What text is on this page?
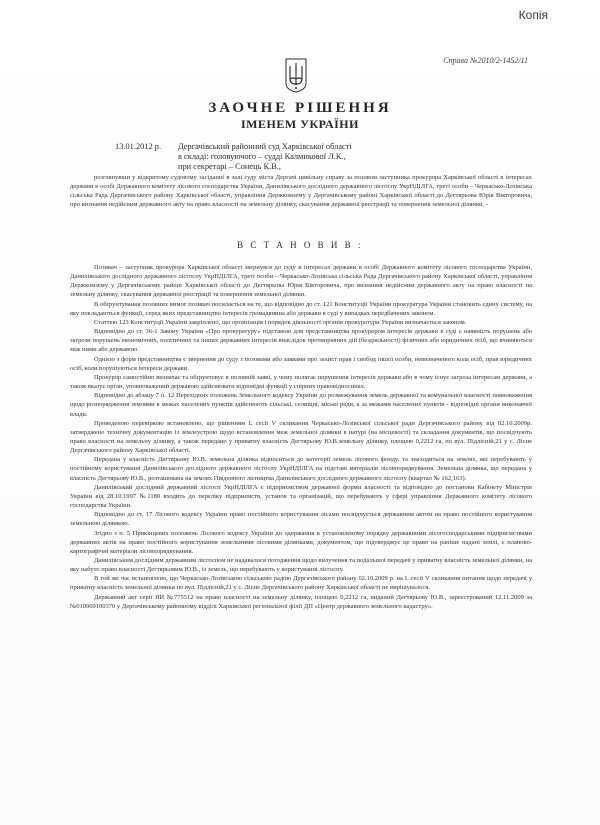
Копія
Справа №2010/2-1452/11
ЗАОЧНЕ РІШЕННЯ
ІМЕНЕМ УКРАЇНИ
13.01.2012 р. Дергачівський районний суд Харківської області
в складі: головуючого – судді Калмикової Л.К.,
при секретарі – Сонець К.В.,
розглянувши у відкритому судовому засіданні в залі суду міста Дергачі цивільну справу за позовом заступника прокурора Харківської області в інтересах держави в особі Державного комітету лісового господарства України, Данилівського дослідного державного лісгоспу УкрНДІЛГА, треті особи – Черкасько-Лозівська сільська Рада Дергачівського району Харківської області, управління Держкомзему у Дергачівському районі Харківської області до Дегтярьова Юрія Вікторовича, про визнання недійсним державного акту на право власності на земельну ділянку, скасування державної реєстрації та повернення земельної ділянки, -
В С Т А Н О В И В :
Позивач – заступник прокурора Харківської області звернувся до суду в інтересах держави в особі Державного комітету лісового господарства України, Данилівського дослідного державного лісгоспу УкрНДІЛГА, треті особи – Черкасько-Лозівська сільська Рада Дергачівського району Харківської області, управління Держкомзему у Дергачівському районі Харківської області до Дегтярьова Юрія Вікторовича, про визнання недійсним державного акту на право власності на земельну ділянку, скасування державної реєстрації та повернення земельної ділянки.
В обґрунтування позовних вимог позивач посилається на те, що відповідно до ст. 121 Конституції України прокуратура України становить єдину систему, на яку покладаються функції, серед яких представництво інтересів громадянина або держави в суді у випадках передбачених законом.
Статтею 123 Конституції України закріплено, що організація і порядок діяльності органів прокуратури України визначається законом.
Відповідно до ст. 36-1 Закону України «Про прокуратуру» підставою для представництва прокурором інтересів держави в суді є наявність порушень або загрози порушень економічних, політичних та інших державних інтересів внаслідок протиправних дій (бездіяльності) фізичних або юридичних осіб, що вчиняються між ними або державою.
Однією з форм представництва є звернення до суду з позовами або заявами про захист прав і свобод іншої особи, невизначеного кола осіб, прав юридичних осіб, коли порушуються інтереси держави.
Прокурор самостійно визначає та обґрунтовує в позовній заяві, у чому полягає порушення інтересів держави або в чому існує загроза інтересам держави, а також вказує орган, уповноважений державою здійснювати відповідні функції у спірних правовідносинах.
Відповідно до абзацу 7 п. 12 Перехідних положень Земельного кодексу України до розмежування земель державної та комунальної власності повноваження щодо розпорядження землями в межах населених пунктів здійснюють сільські, селищні, міські ради, а за межами населених пунктів - відповідні органи виконавчої влади.
Проведеною перевіркою встановлено, що рішенням L сесії V скликання Черкасько-Лозівської сільської ради Дергачівського району від 02.10.2009р. затверджено технічну документацію із землеустрою щодо встановлення меж земельної ділянки в натурі (на місцевості) та складання документів, що посвідчують право власності на земельну ділянку, а також передано у приватну власність Дегтярьову Ю.В.земельну ділянку, площею 0,2212 га, по вул. Підлісній,21 у с. Лісне Дергачівського району Харківської області.
Передана у власність Дегтярьову Ю.В. земельна ділянка відноситься до категорії земель лісового фонду, та знаходиться на землях, які перебувають у постійному користуванні Данилівського дослідного державного лісгоспу УкрНДІЛГА на підставі матеріалів лісовпорядкування. Земельна ділянка, що передана у власність Дегтярьову Ю.В., розташована на землях Південного лісництва Данилівського дослідного державного лісгоспу (квартал № 162,163).
Данилівський дослідний державний лісгосп УкрНДІЛГА є підприємством державної форми власності та відповідно до постанови Кабінету Міністрів України від 28.10.1997 №1180 входить до переліку підприємств, установ та організацій, що перебувають у сфері управління Державного комітету лісового господарства України.
Відповідно до ст. 17 Лісового кодексу України право постійного користування лісами посвідчується державним актом на право постійного користування земельною ділянкою.
Згідно з п. 5 Прикінцевих положень Лісового кодексу України до одержання в установленому порядку державними лісогосподарськими підприємствами державних актів на право постійного користування земельними лісовими ділянками, документом, що підтверджує це право на раніше надані землі, є планово-картографічні матеріали лісовпорядкування.
Данилівським дослідним державним лісгоспом не надавалося погодження щодо вилучення та подальшої передачі у приватну власність земельної ділянки, на яку набуто право власності Дегтярьовим Ю.В., із земель, що перебувають у користуванні лісгоспу.
В той же час встановлено, що Черкасько-Лозівською сільською радою Дергачівського району 02.10.2009 р. на L сесії V скликання питання щодо передачі у приватну власність земельної ділянки по вул. Підлісній,21 у с. Лісне Дергачівського району Харківської області не вирішувалося.
Державний акт серії ЯИ №775512 на право власності на земельну ділянку, площею 0,2212 га, виданий Дегтярьову Ю.В., зареєстрований 12.11.2009 за №010969100370 у Дергачівському районному відділі Харківської регіональної філії ДП «Центр державного земельного кадастру».
